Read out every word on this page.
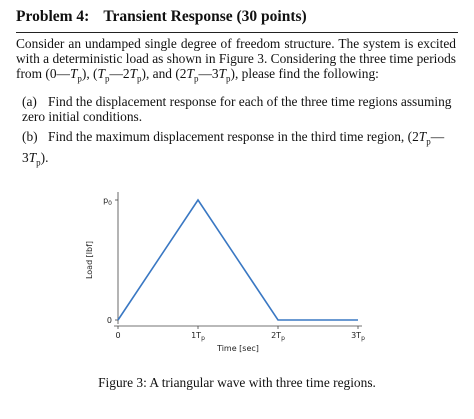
Problem 4: Transient Response (30 points)
Consider an undamped single degree of freedom structure. The system is excited with a deterministic load as shown in Figure 3. Considering the three time periods from $(0—T_p)$, $(T_p—2T_p)$, and $(2T_p—3T_p)$, please find the following:
(a) Find the displacement response for each of the three time regions assuming zero initial conditions.
(b) Find the maximum displacement response in the third time region, $(2T_p—3T_p)$.
0
$p_0$
0	$1T_p$	$2T_p$	$3T_p$
Time [sec]
Load [lbf]
Figure 3: A triangular wave with three time regions.
